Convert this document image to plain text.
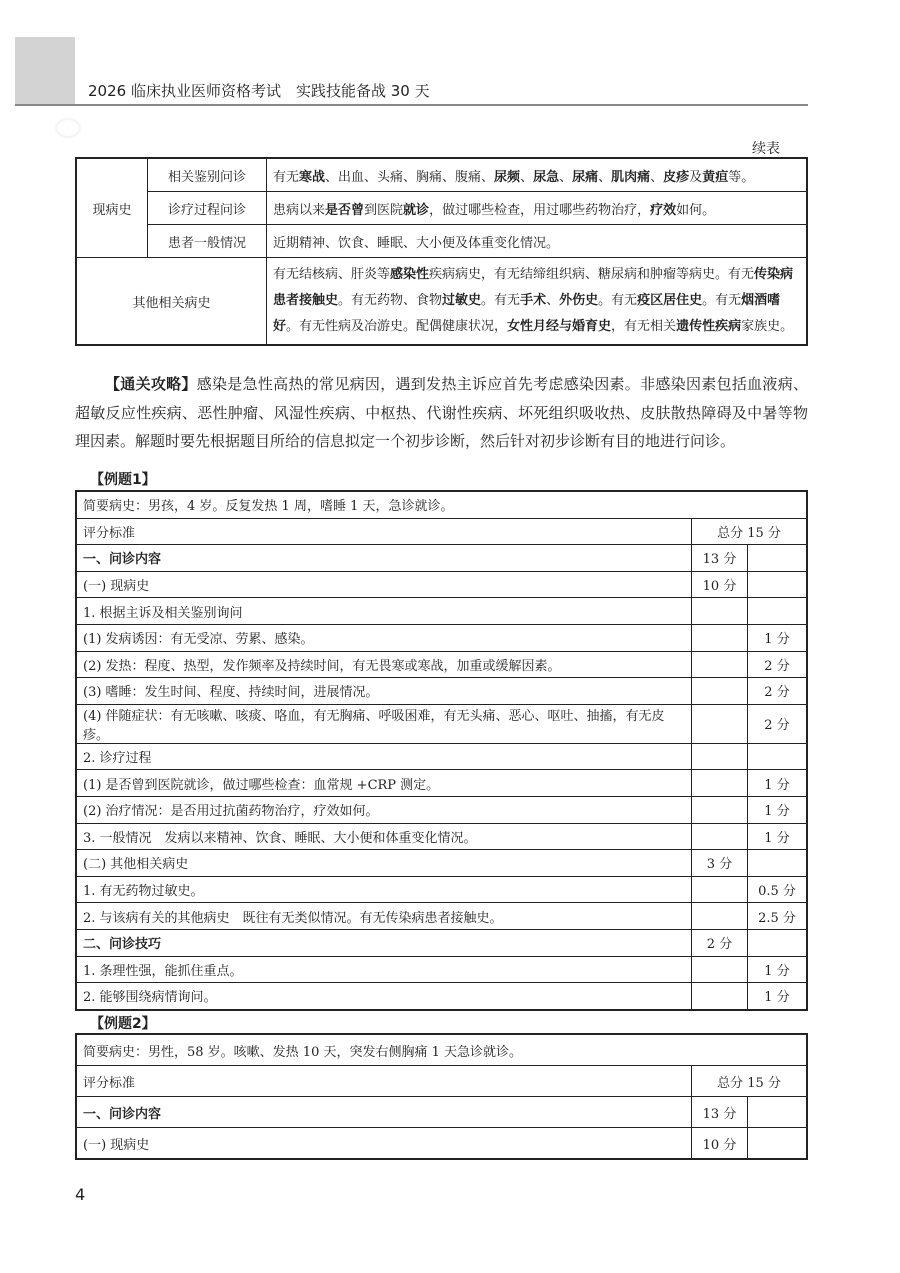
2026 临床执业医师资格考试　实践技能备战 30 天
续表
现病史	相关鉴别问诊	有无寒战、出血、头痛、胸痛、腹痛、尿频、尿急、尿痛、肌肉痛、皮疹及黄疸等。
	诊疗过程问诊	患病以来是否曾到医院就诊，做过哪些检查，用过哪些药物治疗，疗效如何。
	患者一般情况	近期精神、饮食、睡眠、大小便及体重变化情况。
其他相关病史		有无结核病、肝炎等感染性疾病病史，有无结缔组织病、糖尿病和肿瘤等病史。有无传染病患者接触史。有无药物、食物过敏史。有无手术、外伤史。有无疫区居住史。有无烟酒嗜好。有无性病及冶游史。配偶健康状况，女性月经与婚育史，有无相关遗传性疾病家族史。
【通关攻略】感染是急性高热的常见病因，遇到发热主诉应首先考虑感染因素。非感染因素包括血液病、超敏反应性疾病、恶性肿瘤、风湿性疾病、中枢热、代谢性疾病、坏死组织吸收热、皮肤散热障碍及中暑等物理因素。解题时要先根据题目所给的信息拟定一个初步诊断，然后针对初步诊断有目的地进行问诊。
【例题1】
简要病史：男孩，4 岁。反复发热 1 周，嗜睡 1 天，急诊就诊。		
评分标准	总分 15 分	
一、问诊内容	13 分	
(一) 现病史	10 分	
1. 根据主诉及相关鉴别询问		
(1) 发病诱因：有无受凉、劳累、感染。		1 分
(2) 发热：程度、热型，发作频率及持续时间，有无畏寒或寒战，加重或缓解因素。		2 分
(3) 嗜睡：发生时间、程度、持续时间，进展情况。		2 分
(4) 伴随症状：有无咳嗽、咳痰、咯血，有无胸痛、呼吸困难，有无头痛、恶心、呕吐、抽搐，有无皮疹。		2 分
2. 诊疗过程		
(1) 是否曾到医院就诊，做过哪些检查：血常规 +CRP 测定。		1 分
(2) 治疗情况：是否用过抗菌药物治疗，疗效如何。		1 分
3. 一般情况　发病以来精神、饮食、睡眠、大小便和体重变化情况。		1 分
(二) 其他相关病史	3 分	
1. 有无药物过敏史。		0.5 分
2. 与该病有关的其他病史　既往有无类似情况。有无传染病患者接触史。		2.5 分
二、问诊技巧	2 分	
1. 条理性强，能抓住重点。		1 分
2. 能够围绕病情询问。		1 分
【例题2】
简要病史：男性，58 岁。咳嗽、发热 10 天，突发右侧胸痛 1 天急诊就诊。		
评分标准	总分 15 分	
一、问诊内容	13 分	
(一) 现病史	10 分	
4
